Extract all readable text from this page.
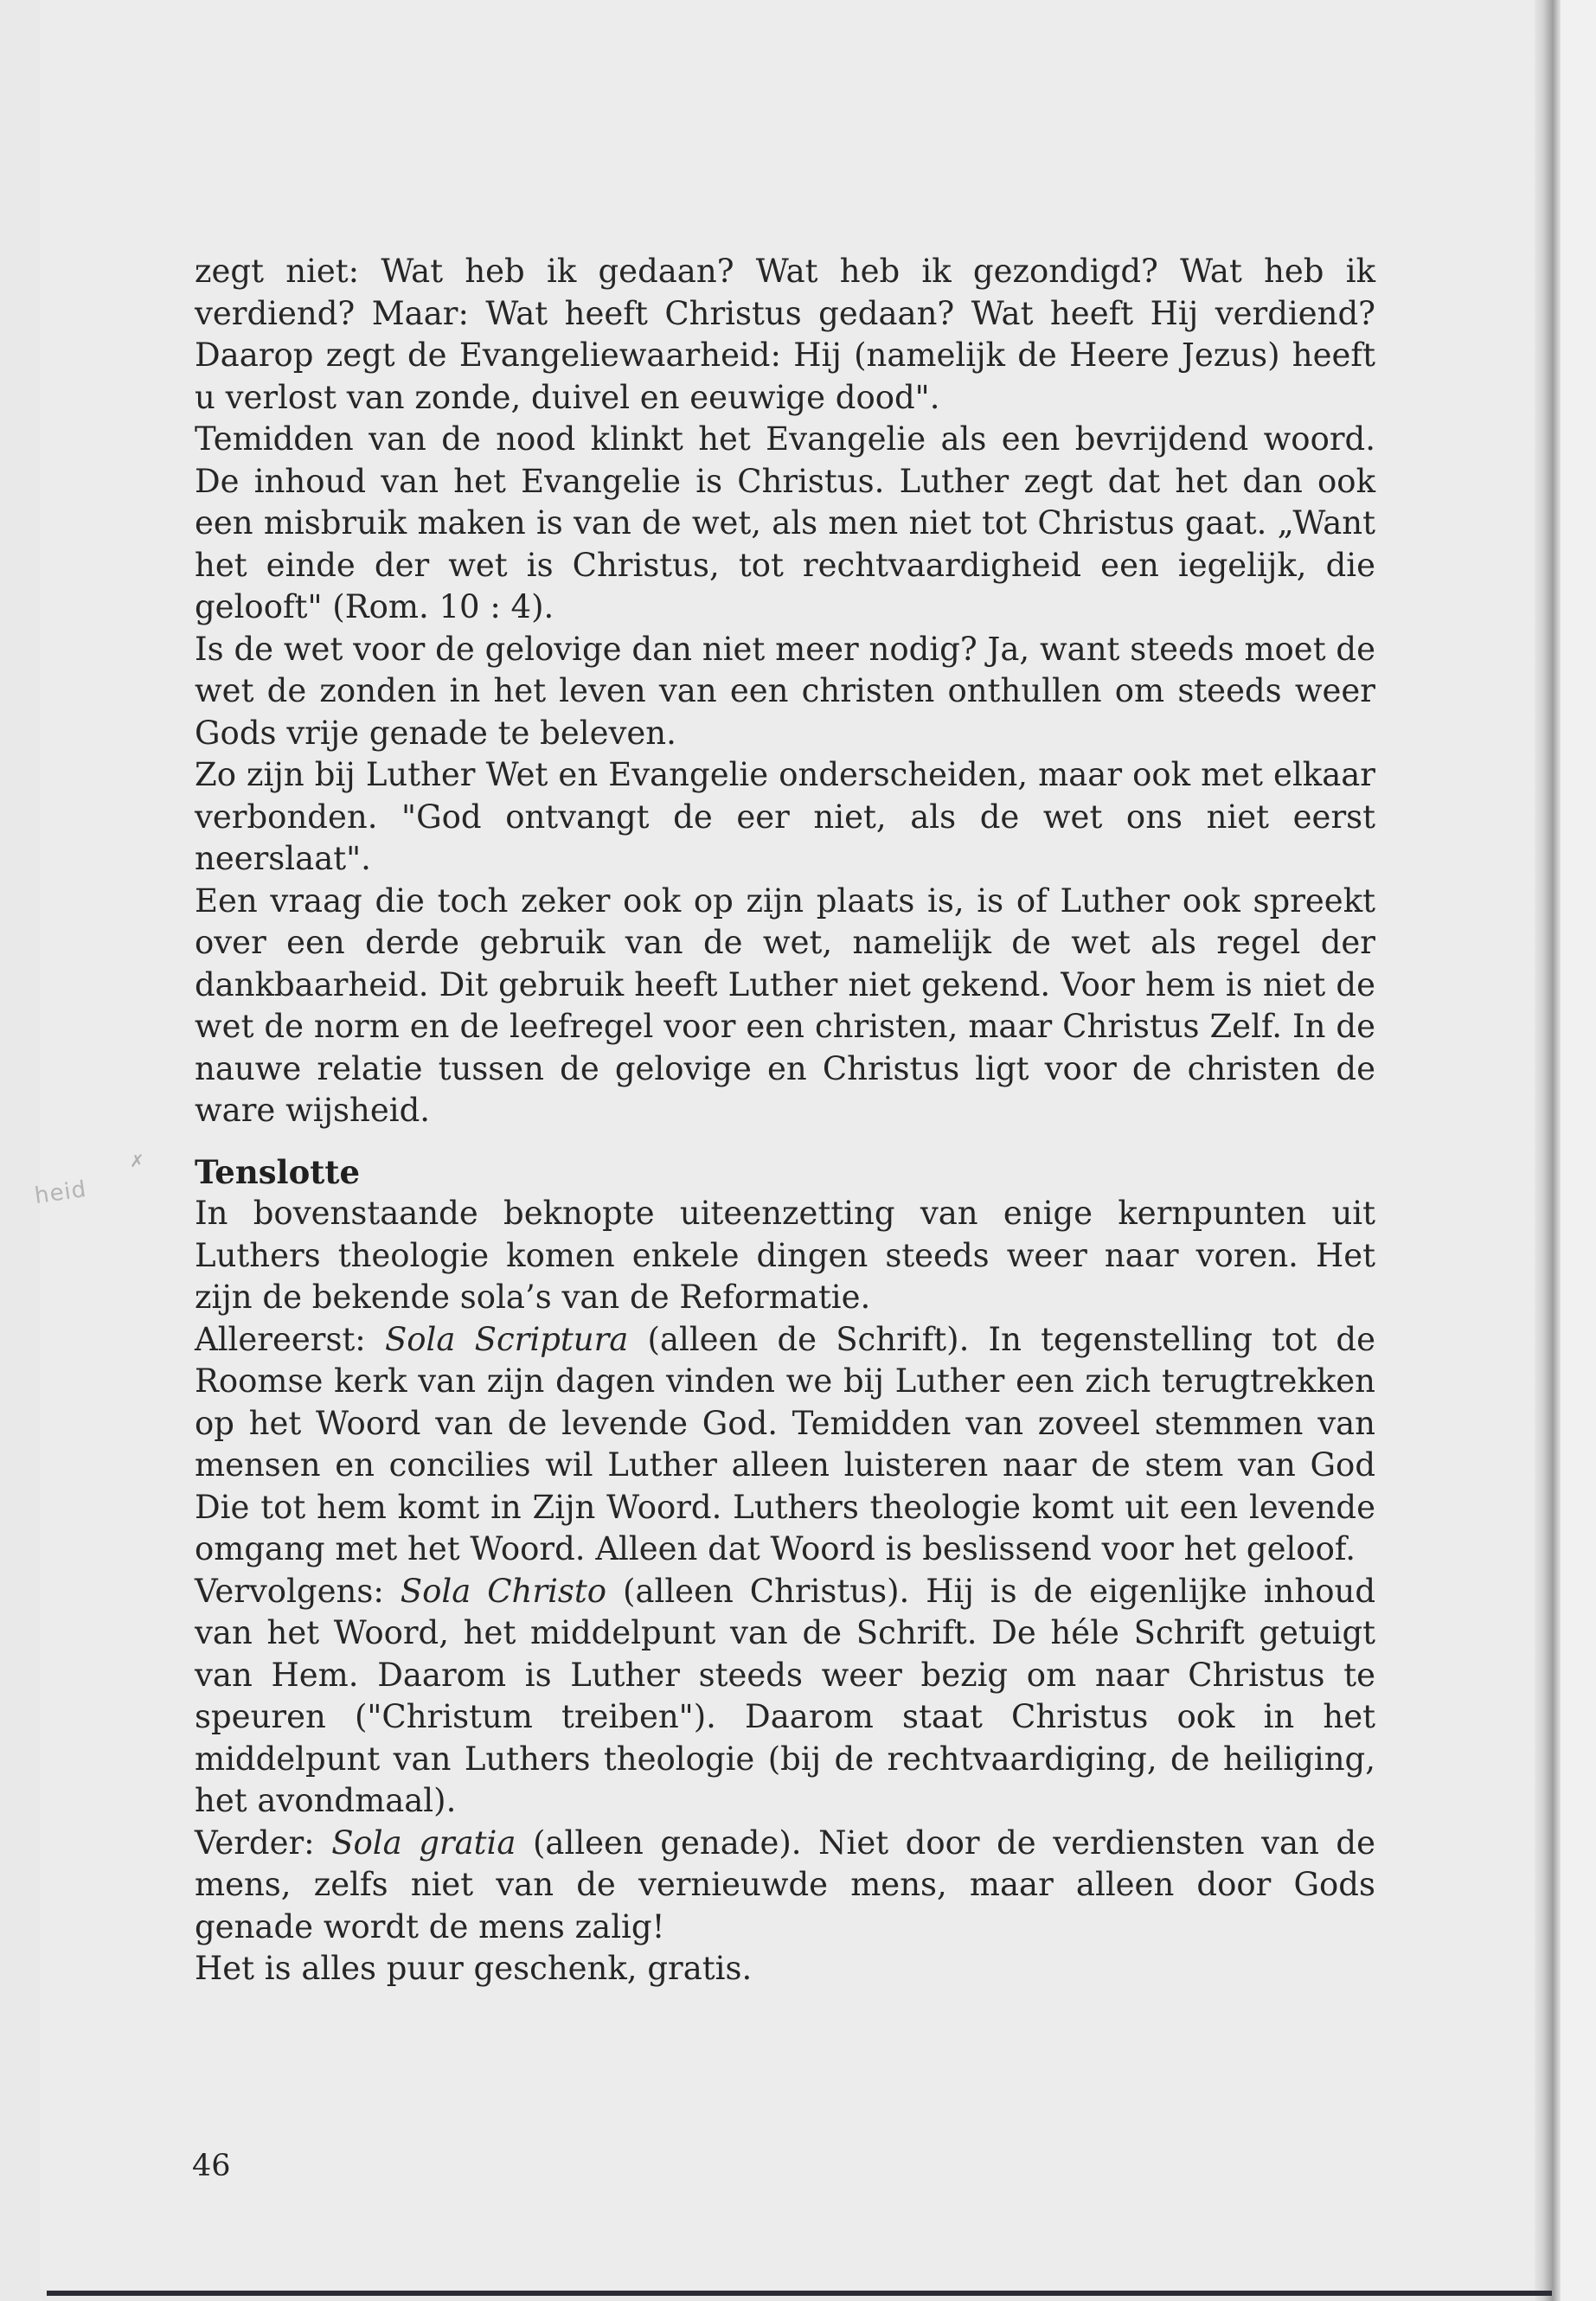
heid
✗

zegt niet: Wat heb ik gedaan? Wat heb ik gezondigd? Wat heb ik verdiend? Maar: Wat heeft Christus gedaan? Wat heeft Hij verdiend? Daarop zegt de Evangeliewaarheid: Hij (namelijk de Heere Jezus) heeft u verlost van zonde, duivel en eeuwige dood".

Temidden van de nood klinkt het Evangelie als een bevrijdend woord. De inhoud van het Evangelie is Christus. Luther zegt dat het dan ook een misbruik maken is van de wet, als men niet tot Christus gaat. „Want het einde der wet is Christus, tot rechtvaardigheid een iegelijk, die gelooft" (Rom. 10 : 4).

Is de wet voor de gelovige dan niet meer nodig? Ja, want steeds moet de wet de zonden in het leven van een christen onthullen om steeds weer Gods vrije genade te beleven.

Zo zijn bij Luther Wet en Evangelie onderscheiden, maar ook met elkaar verbonden. "God ontvangt de eer niet, als de wet ons niet eerst neerslaat".

Een vraag die toch zeker ook op zijn plaats is, is of Luther ook spreekt over een derde gebruik van de wet, namelijk de wet als regel der dankbaarheid. Dit gebruik heeft Luther niet gekend. Voor hem is niet de wet de norm en de leefregel voor een christen, maar Christus Zelf. In de nauwe relatie tussen de gelovige en Christus ligt voor de christen de ware wijsheid.

Tenslotte

In bovenstaande beknopte uiteenzetting van enige kernpunten uit Luthers theologie komen enkele dingen steeds weer naar voren. Het zijn de bekende sola’s van de Reformatie.

Allereerst: Sola Scriptura (alleen de Schrift). In tegenstelling tot de Roomse kerk van zijn dagen vinden we bij Luther een zich terugtrekken op het Woord van de levende God. Temidden van zoveel stemmen van mensen en concilies wil Luther alleen luisteren naar de stem van God Die tot hem komt in Zijn Woord. Luthers theologie komt uit een levende omgang met het Woord. Alleen dat Woord is beslissend voor het geloof.

Vervolgens: Sola Christo (alleen Christus). Hij is de eigenlijke inhoud van het Woord, het middelpunt van de Schrift. De héle Schrift getuigt van Hem. Daarom is Luther steeds weer bezig om naar Christus te speuren ("Christum treiben"). Daarom staat Christus ook in het middelpunt van Luthers theologie (bij de rechtvaardiging, de heiliging, het avondmaal).

Verder: Sola gratia (alleen genade). Niet door de verdiensten van de mens, zelfs niet van de vernieuwde mens, maar alleen door Gods genade wordt de mens zalig!

Het is alles puur geschenk, gratis.

46
